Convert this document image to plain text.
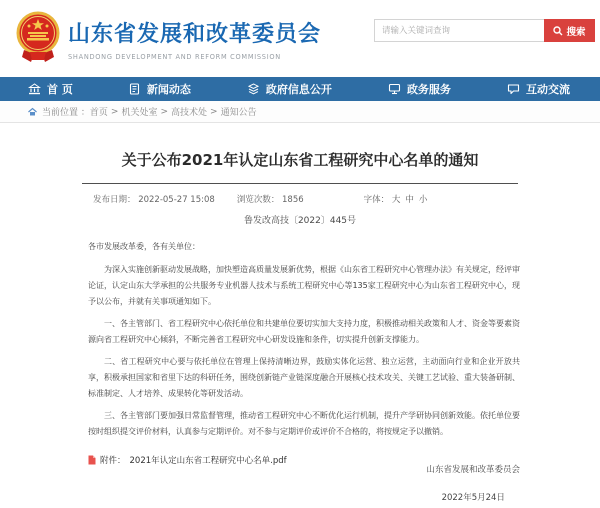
山东省发展和改革委员会
SHANDONG DEVELOPMENT AND REFORM COMMISSION
请输入关键词查询
搜索
首 页	新闻动态	政府信息公开	政务服务	互动交流
当前位置 ： 首页 > 机关处室 > 高技术处 > 通知公告
关于公布2021年认定山东省工程研究中心名单的通知
发布日期： 2022-05-27 15:08	浏览次数： 1856	字体： 大 中 小
鲁发改高技〔2022〕445号
各市发展改革委，各有关单位：
为深入实施创新驱动发展战略，加快塑造高质量发展新优势，根据《山东省工程研究中心管理办法》有关规定，经评审论证，认定山东大学承担的公共服务专业机器人技术与系统工程研究中心等135家工程研究中心为山东省工程研究中心，现予以公布，并就有关事项通知如下。
一、各主管部门、省工程研究中心依托单位和共建单位要切实加大支持力度，积极推动相关政策和人才、资金等要素资源向省工程研究中心倾斜，不断完善省工程研究中心研发设施和条件，切实提升创新支撑能力。
二、省工程研究中心要与依托单位在管理上保持清晰边界，鼓励实体化运营、独立运营，主动面向行业和企业开放共享，积极承担国家和省里下达的科研任务，围绕创新链产业链深度融合开展核心技术攻关、关键工艺试验、重大装备研制、标准制定、人才培养、成果转化等研发活动。
三、各主管部门要加强日常监督管理，推动省工程研究中心不断优化运行机制，提升产学研协同创新效能。依托单位要按时组织提交评价材料，认真参与定期评价。对不参与定期评价或评价不合格的，将按规定予以撤销。
附件： 2021年认定山东省工程研究中心名单.pdf
山东省发展和改革委员会
2022年5月24日
